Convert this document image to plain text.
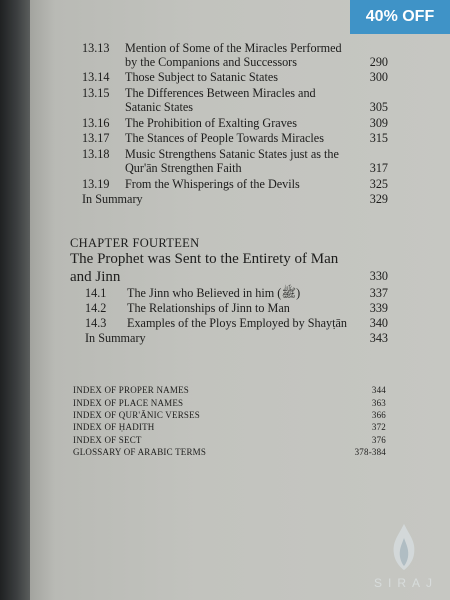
13.13 Mention of Some of the Miracles Performed
by the Companions and Successors	290
13.14 Those Subject to Satanic States	300
13.15 The Differences Between Miracles and
Satanic States	305
13.16 The Prohibition of Exalting Graves	309
13.17 The Stances of People Towards Miracles	315
13.18 Music Strengthens Satanic States just as the
Qur'ān Strengthen Faith	317
13.19 From the Whisperings of the Devils	325
In Summary	329
CHAPTER FOURTEEN
The Prophet was Sent to the Entirety of Man
and Jinn	330
14.1 The Jinn who Believed in him (ﷺ)	337
14.2 The Relationships of Jinn to Man	339
14.3 Examples of the Ploys Employed by Shayṭān	340
In Summary	343
INDEX OF PROPER NAMES	344
INDEX OF PLACE NAMES	363
INDEX OF QUR'ĀNIC VERSES	366
INDEX OF ḤADITH	372
INDEX OF SECT	376
GLOSSARY OF ARABIC TERMS	378-384
40% OFF
SIRAJ
